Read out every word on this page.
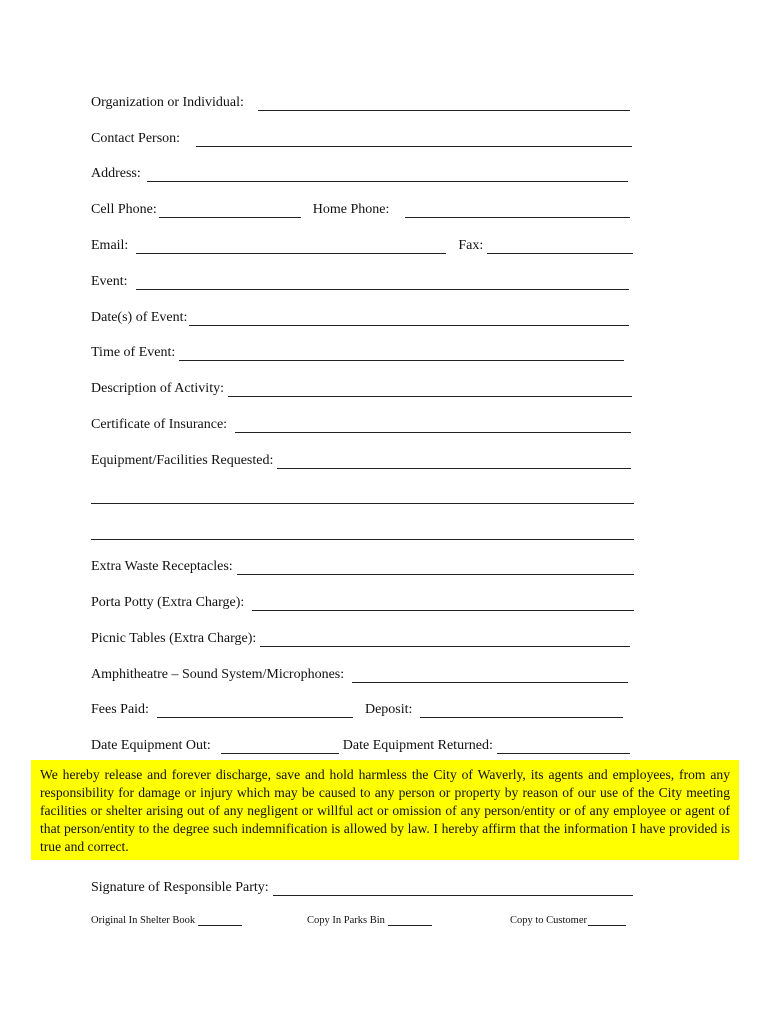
Organization or Individual:
Contact Person:
Address:
Cell Phone:	Home Phone:
Email:	Fax:
Event:
Date(s) of Event:
Time of Event:
Description of Activity:
Certificate of Insurance:
Equipment/Facilities Requested:
Extra Waste Receptacles:
Porta Potty (Extra Charge):
Picnic Tables (Extra Charge):
Amphitheatre – Sound System/Microphones:
Fees Paid:	Deposit:
Date Equipment Out:	Date Equipment Returned:
We hereby release and forever discharge, save and hold harmless the City of Waverly, its agents and employees, from any responsibility for damage or injury which may be caused to any person or property by reason of our use of the City meeting facilities or shelter arising out of any negligent or willful act or omission of any person/entity or of any employee or agent of that person/entity to the degree such indemnification is allowed by law. I hereby affirm that the information I have provided is true and correct.
Signature of Responsible Party:
Original In Shelter Book	Copy In Parks Bin	Copy to Customer
